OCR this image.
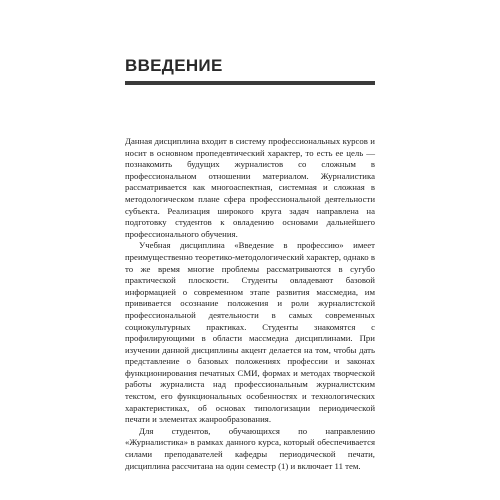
ВВЕДЕНИЕ

Данная дисциплина входит в систему профессиональных курсов и носит в основном пропедевтический характер, то есть ее цель — познакомить будущих журналистов со сложным в профессиональном отношении материалом. Журналистика рассматривается как многоаспектная, системная и сложная в методологическом плане сфера профессиональной деятельности субъекта. Реализация широкого круга задач направлена на подготовку студентов к овладению основами дальнейшего профессионального обучения.

Учебная дисциплина «Введение в профессию» имеет преимущественно теоретико-методологический характер, однако в то же время многие проблемы рассматриваются в сугубо практической плоскости. Студенты овладевают базовой информацией о современном этапе развития массмедиа, им прививается осознание положения и роли журналистской профессиональной деятельности в самых современных социокультурных практиках. Студенты знакомятся с профилирующими в области массмедиа дисциплинами. При изучении данной дисциплины акцент делается на том, чтобы дать представление о базовых положениях профессии и законах функционирования печатных СМИ, формах и методах творческой работы журналиста над профессиональным журналистским текстом, его функциональных особенностях и технологических характеристиках, об основах типологизации периодической печати и элементах жанрообразования.

Для студентов, обучающихся по направлению «Журналистика» в рамках данного курса, который обеспечивается силами преподавателей кафедры периодической печати, дисциплина рассчитана на один семестр (1) и включает 11 тем.
